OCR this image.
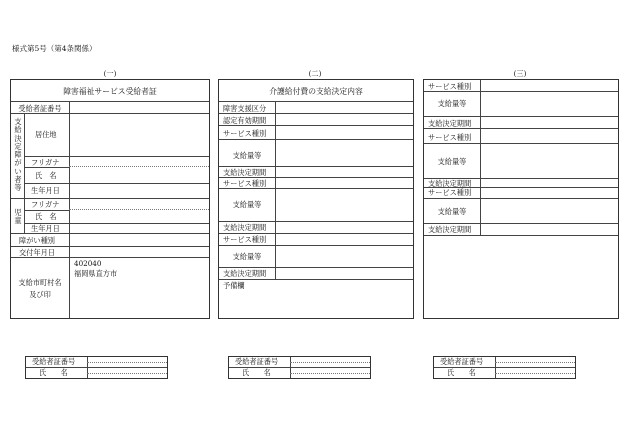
様式第5号（第4条関係）
(一)
障害福祉サービス受給者証
受給者証番号
支給決定障がい者等
居住地
フリガナ
氏　名
生年月日
児童
フリガナ
氏　名
生年月日
障がい種別
交付年月日
支給市町村名及び印
402040
福岡県直方市
(二)
介護給付費の支給決定内容
障害支援区分
認定有効期間
サービス種別
支給量等
支給決定期間
サービス種別
支給量等
支給決定期間
サービス種別
支給量等
支給決定期間
予備欄
(三)
サービス種別
支給量等
支給決定期間
サービス種別
支給量等
支給決定期間
サービス種別
支給量等
支給決定期間
受給者証番号
氏　　名
受給者証番号
氏　　名
受給者証番号
氏　　名
